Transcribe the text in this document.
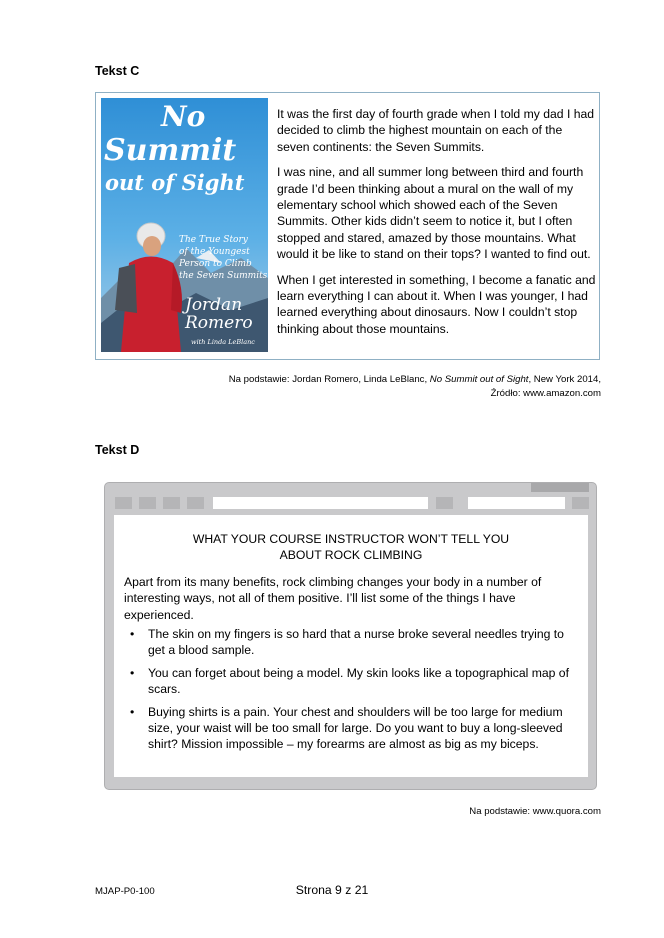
Tekst C
No
Summit
out of Sight
The True Story
of the Youngest
Person to Climb
the Seven Summits
Jordan
Romero
with Linda LeBlanc

It was the first day of fourth grade when I told my dad I had decided to climb the highest mountain on each of the seven continents: the Seven Summits.

I was nine, and all summer long between third and fourth grade I’d been thinking about a mural on the wall of my elementary school which showed each of the Seven Summits. Other kids didn’t seem to notice it, but I often stopped and stared, amazed by those mountains. What would it be like to stand on their tops? I wanted to find out.

When I get interested in something, I become a fanatic and learn everything I can about it. When I was younger, I had learned everything about dinosaurs. Now I couldn’t stop thinking about those mountains.

Na podstawie: Jordan Romero, Linda LeBlanc, No Summit out of Sight, New York 2014,
Źródło: www.amazon.com
Tekst D
WHAT YOUR COURSE INSTRUCTOR WON’T TELL YOU
ABOUT ROCK CLIMBING
Apart from its many benefits, rock climbing changes your body in a number of interesting ways, not all of them positive. I’ll list some of the things I have experienced.
• The skin on my fingers is so hard that a nurse broke several needles trying to get a blood sample.
• You can forget about being a model. My skin looks like a topographical map of scars.
• Buying shirts is a pain. Your chest and shoulders will be too large for medium size, your waist will be too small for large. Do you want to buy a long-sleeved shirt? Mission impossible – my forearms are almost as big as my biceps.
Na podstawie: www.quora.com
MJAP-P0-100	Strona 9 z 21
